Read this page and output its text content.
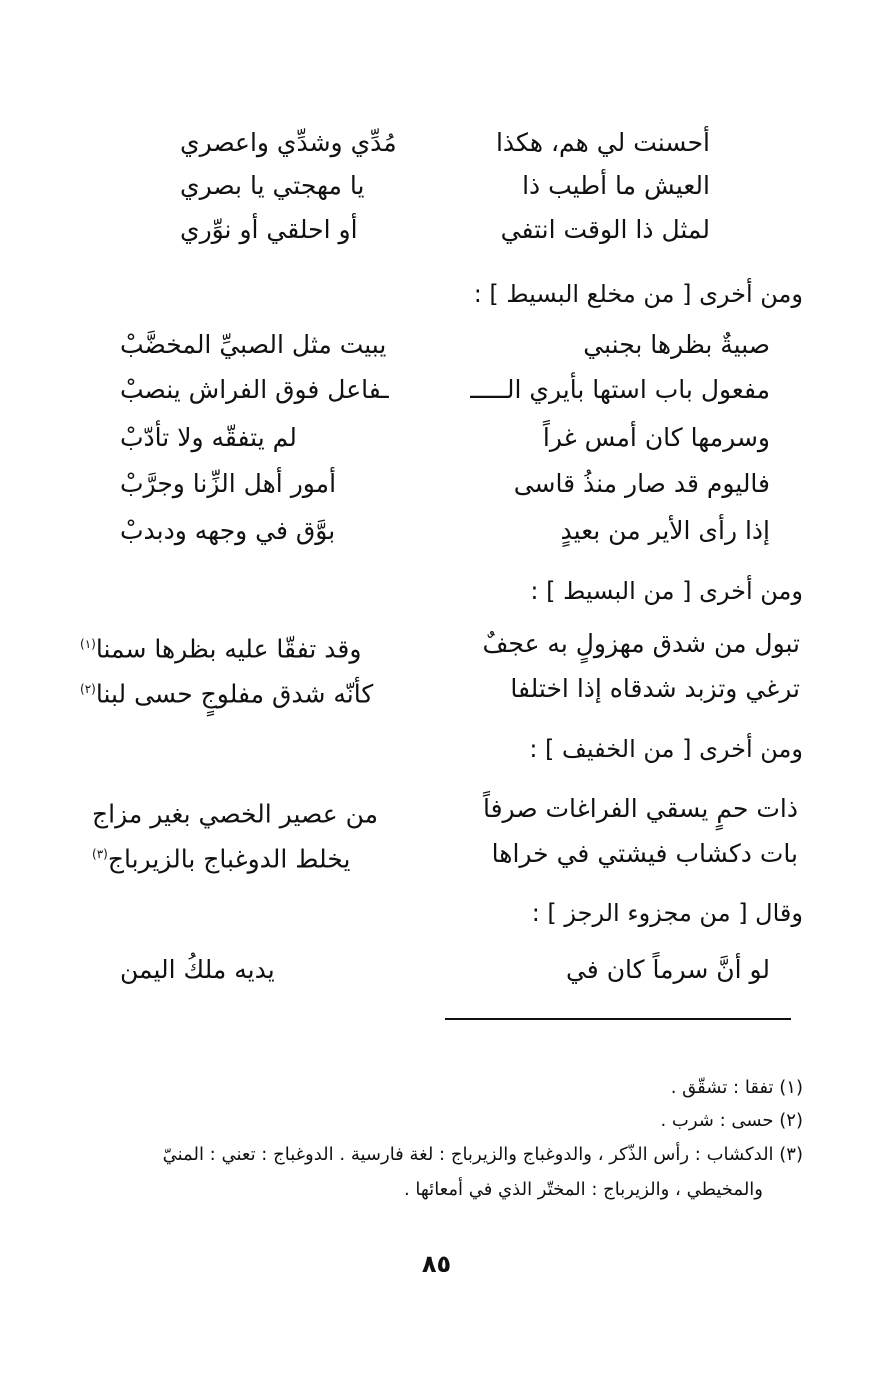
أحسنت لي هم، هكذا
مُدِّي وشدِّي واعصري
العيش ما أطيب ذا
يا مهجتي يا بصري
لمثل ذا الوقت انتفي
أو احلقي أو نوِّري
ومن أخرى [ من مخلع البسيط ] :
صبيةٌ بظرها بجنبي
يبيت مثل الصبيِّ المخضَّبْ
مفعول باب استها بأيري الـــــ
ـفاعل فوق الفراش ينصبْ
وسرمها كان أمس غراً
لم يتفقّه ولا تأدّبْ
فاليوم قد صار منذُ قاسى
أمور أهل الزِّنا وجرَّبْ
إذا رأى الأير من بعيدٍ
بوَّق في وجهه ودبدبْ
ومن أخرى [ من البسيط ] :
تبول من شدق مهزولٍ به عجفٌ
وقد تفقّا عليه بظرها سمنا$^{(١)}$
ترغي وتزبد شدقاه إذا اختلفا
كأنّه شدق مفلوجٍ حسى لبنا$^{(٢)}$
ومن أخرى [ من الخفيف ] :
ذات حمٍ يسقي الفراغات صرفاً
من عصير الخصي بغير مزاج
بات دكشاب فيشتي في خراها
يخلط الدوغباج بالزيرباج$^{(٣)}$
وقال [ من مجزوء الرجز ] :
لو أنَّ سرماً كان في
يديه ملكُ اليمن
(١) تفقا : تشقّق .
(٢) حسى : شرب .
(٣) الدكشاب : رأس الذّكر ، والدوغباج والزيرباج : لغة فارسية . الدوغباج : تعني : المنيّ
والمخيطي ، والزيرباج : المختّر الذي في أمعائها .
٨٥
